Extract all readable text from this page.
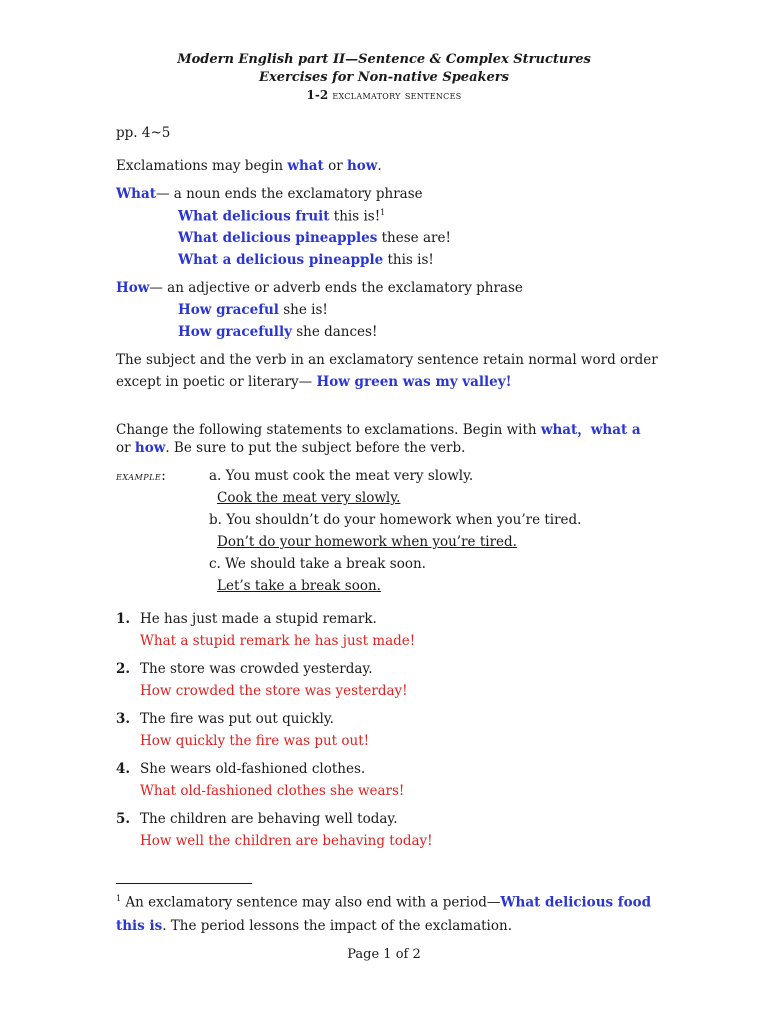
Modern English part II—Sentence & Complex Structures
Exercises for Non-native Speakers
1-2 exclamatory sentences
pp. 4~5
Exclamations may begin what or how.
What— a noun ends the exclamatory phrase
What delicious fruit this is!$^1$
What delicious pineapples these are!
What a delicious pineapple this is!
How— an adjective or adverb ends the exclamatory phrase
How graceful she is!
How gracefully she dances!
The subject and the verb in an exclamatory sentence retain normal word order
except in poetic or literary— How green was my valley!
Change the following statements to exclamations. Begin with what，what a
or how. Be sure to put the subject before the verb.
example:	a. You must cook the meat very slowly.
Cook the meat very slowly.
b. You shouldn’t do your homework when you’re tired.
Don’t do your homework when you’re tired.
c. We should take a break soon.
Let’s take a break soon.
1. He has just made a stupid remark.
What a stupid remark he has just made!
2. The store was crowded yesterday.
How crowded the store was yesterday!
3. The fire was put out quickly.
How quickly the fire was put out!
4. She wears old-fashioned clothes.
What old-fashioned clothes she wears!
5. The children are behaving well today.
How well the children are behaving today!
$^1$ An exclamatory sentence may also end with a period—What delicious food
this is. The period lessons the impact of the exclamation.
Page 1 of 2
